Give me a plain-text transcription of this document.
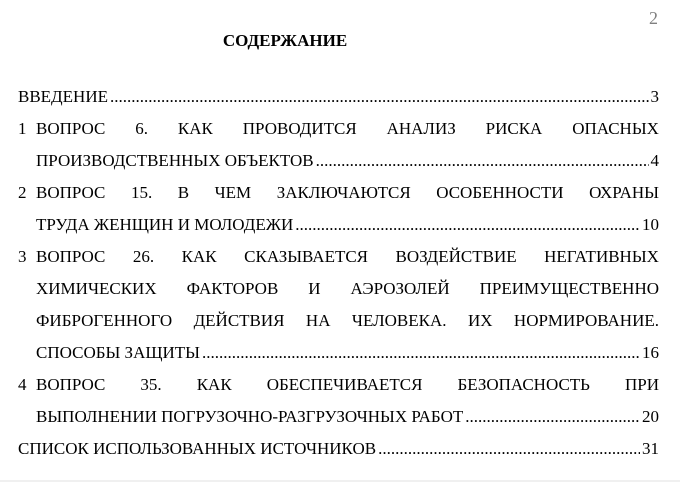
2
СОДЕРЖАНИЕ
ВВЕДЕНИЕ .....	3
1 ВОПРОС 6. КАК ПРОВОДИТСЯ АНАЛИЗ РИСКА ОПАСНЫХ
ПРОИЗВОДСТВЕННЫХ ОБЪЕКТОВ .....	4
2 ВОПРОС 15. В ЧЕМ ЗАКЛЮЧАЮТСЯ ОСОБЕННОСТИ ОХРАНЫ
ТРУДА ЖЕНЩИН И МОЛОДЕЖИ .....	10
3 ВОПРОС 26. КАК СКАЗЫВАЕТСЯ ВОЗДЕЙСТВИЕ НЕГАТИВНЫХ
ХИМИЧЕСКИХ ФАКТОРОВ И АЭРОЗОЛЕЙ ПРЕИМУЩЕСТВЕННО
ФИБРОГЕННОГО ДЕЙСТВИЯ НА ЧЕЛОВЕКА. ИХ НОРМИРОВАНИЕ.
СПОСОБЫ ЗАЩИТЫ .....	16
4 ВОПРОС 35. КАК ОБЕСПЕЧИВАЕТСЯ БЕЗОПАСНОСТЬ ПРИ
ВЫПОЛНЕНИИ ПОГРУЗОЧНО-РАЗГРУЗОЧНЫХ РАБОТ .....	20
СПИСОК ИСПОЛЬЗОВАННЫХ ИСТОЧНИКОВ .....	31
